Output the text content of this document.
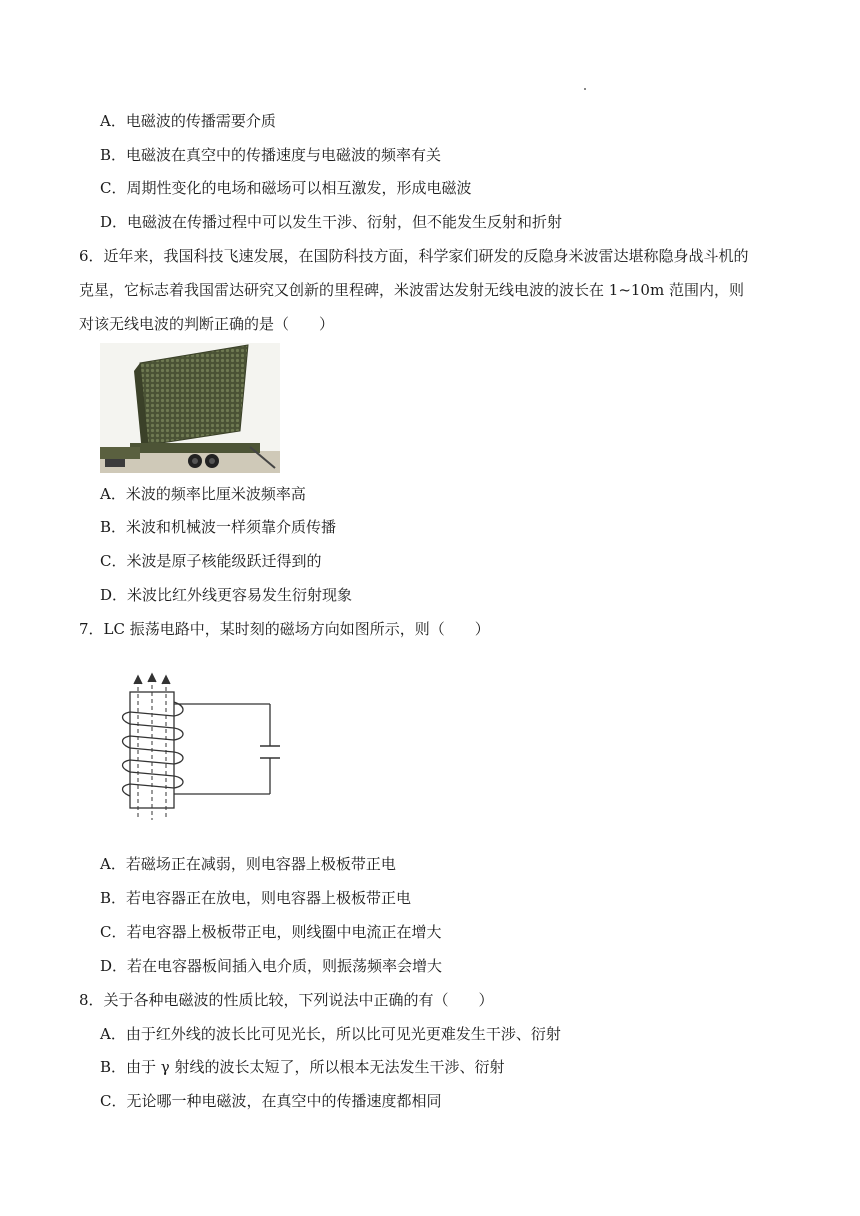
A．电磁波的传播需要介质
B．电磁波在真空中的传播速度与电磁波的频率有关
C．周期性变化的电场和磁场可以相互激发，形成电磁波
D．电磁波在传播过程中可以发生干涉、衍射，但不能发生反射和折射
6．近年来，我国科技飞速发展，在国防科技方面，科学家们研发的反隐身米波雷达堪称隐身战斗机的
克星，它标志着我国雷达研究又创新的里程碑，米波雷达发射无线电波的波长在 1~10m 范围内，则
对该无线电波的判断正确的是（　　）
A．米波的频率比厘米波频率高
B．米波和机械波一样须靠介质传播
C．米波是原子核能级跃迁得到的
D．米波比红外线更容易发生衍射现象
7．LC 振荡电路中，某时刻的磁场方向如图所示，则（　　）
A．若磁场正在减弱，则电容器上极板带正电
B．若电容器正在放电，则电容器上极板带正电
C．若电容器上极板带正电，则线圈中电流正在增大
D．若在电容器板间插入电介质，则振荡频率会增大
8．关于各种电磁波的性质比较，下列说法中正确的有（　　）
A．由于红外线的波长比可见光长，所以比可见光更难发生干涉、衍射
B．由于 γ 射线的波长太短了，所以根本无法发生干涉、衍射
C．无论哪一种电磁波，在真空中的传播速度都相同
